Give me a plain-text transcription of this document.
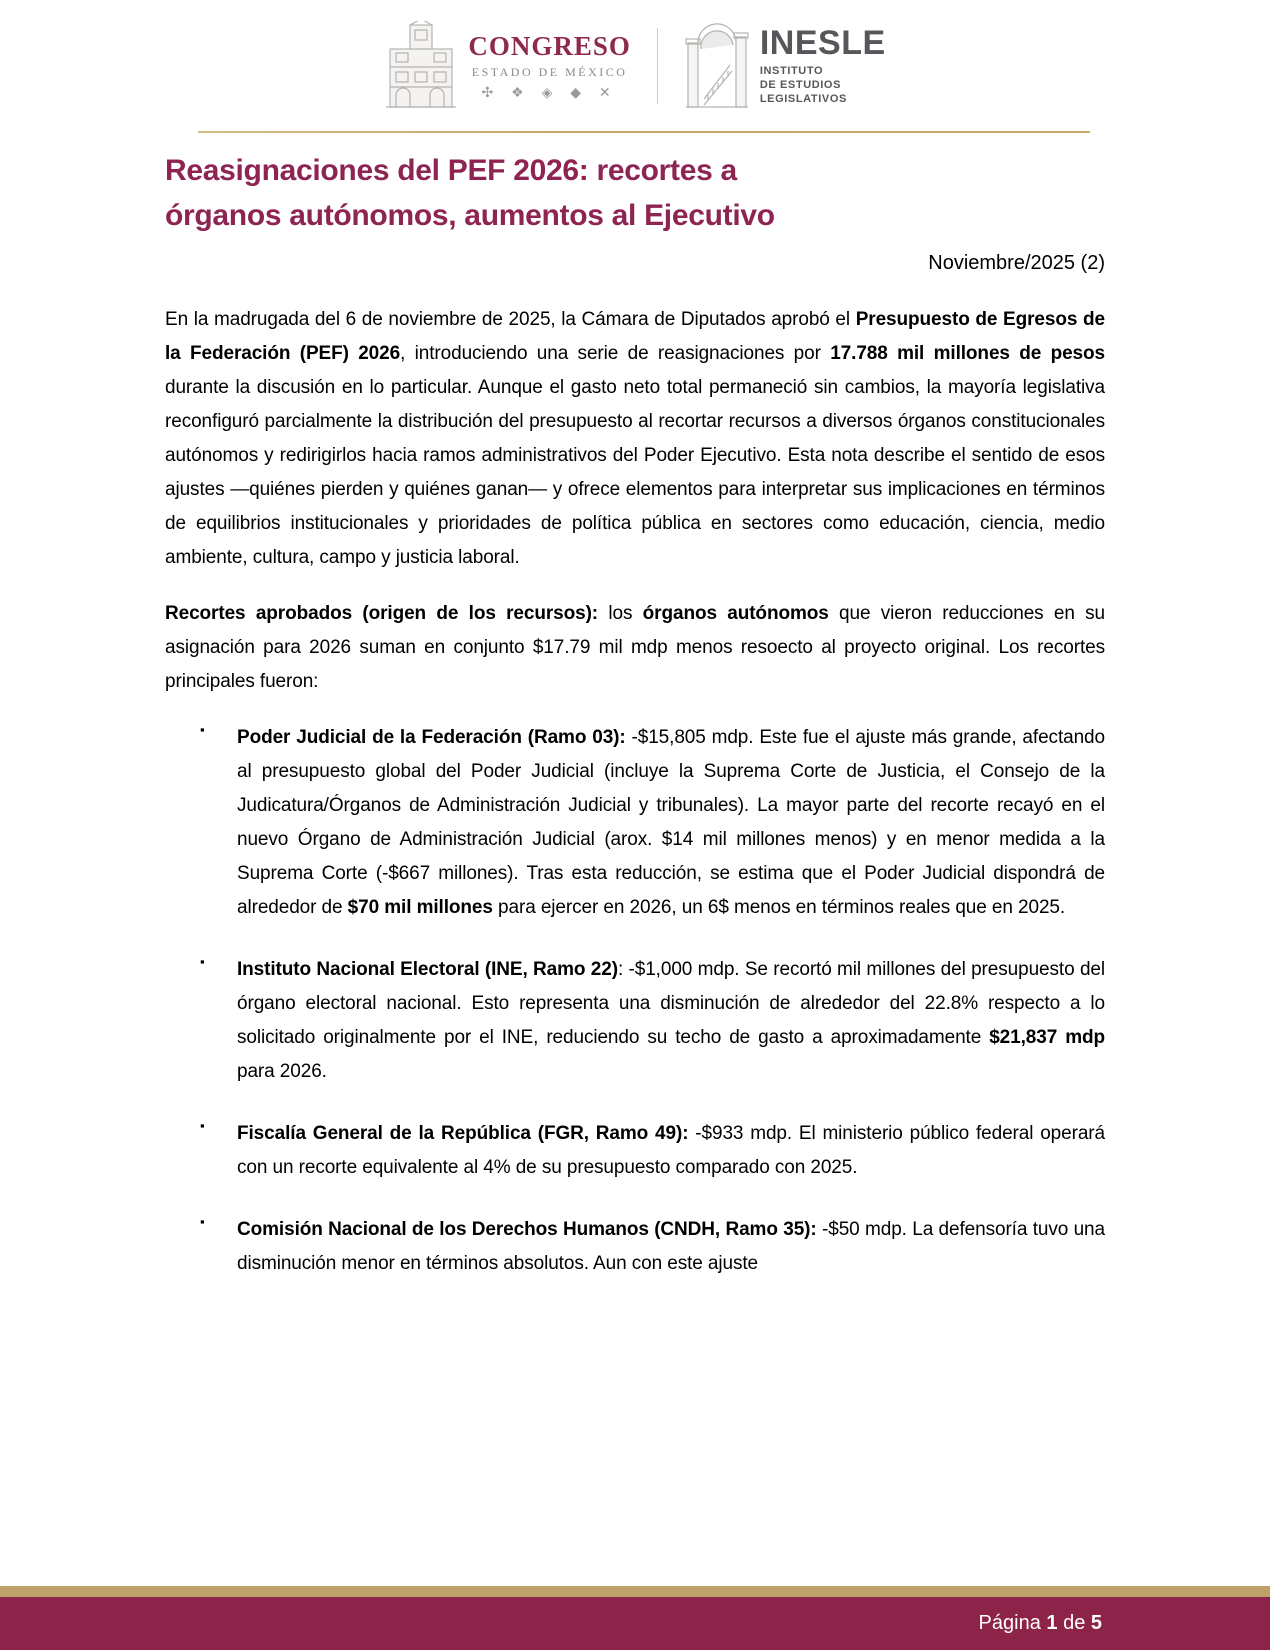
CONGRESO
ESTADO DE MÉXICO
✣ ❖ ◈ ◆ ✕
INESLE
INSTITUTO
DE ESTUDIOS
LEGISLATIVOS
Reasignaciones del PEF 2026: recortes a
órganos autónomos, aumentos al Ejecutivo
Noviembre/2025 (2)

En la madrugada del 6 de noviembre de 2025, la Cámara de Diputados aprobó el Presupuesto de Egresos de la Federación (PEF) 2026, introduciendo una serie de reasignaciones por 17.788 mil millones de pesos durante la discusión en lo particular. Aunque el gasto neto total permaneció sin cambios, la mayoría legislativa reconfiguró parcialmente la distribución del presupuesto al recortar recursos a diversos órganos constitucionales autónomos y redirigirlos hacia ramos administrativos del Poder Ejecutivo. Esta nota describe el sentido de esos ajustes —quiénes pierden y quiénes ganan— y ofrece elementos para interpretar sus implicaciones en términos de equilibrios institucionales y prioridades de política pública en sectores como educación, ciencia, medio ambiente, cultura, campo y justicia laboral.

Recortes aprobados (origen de los recursos): los órganos autónomos que vieron reducciones en su asignación para 2026 suman en conjunto $17.79 mil mdp menos resoecto al proyecto original. Los recortes principales fueron:

▪ Poder Judicial de la Federación (Ramo 03): -$15,805 mdp. Este fue el ajuste más grande, afectando al presupuesto global del Poder Judicial (incluye la Suprema Corte de Justicia, el Consejo de la Judicatura/Órganos de Administración Judicial y tribunales). La mayor parte del recorte recayó en el nuevo Órgano de Administración Judicial (arox. $14 mil millones menos) y en menor medida a la Suprema Corte (-$667 millones). Tras esta reducción, se estima que el Poder Judicial dispondrá de alrededor de $70 mil millones para ejercer en 2026, un 6$ menos en términos reales que en 2025.
▪ Instituto Nacional Electoral (INE, Ramo 22): -$1,000 mdp. Se recortó mil millones del presupuesto del órgano electoral nacional. Esto representa una disminución de alrededor del 22.8% respecto a lo solicitado originalmente por el INE, reduciendo su techo de gasto a aproximadamente $21,837 mdp para 2026.
▪ Fiscalía General de la República (FGR, Ramo 49): -$933 mdp. El ministerio público federal operará con un recorte equivalente al 4% de su presupuesto comparado con 2025.
▪ Comisión Nacional de los Derechos Humanos (CNDH, Ramo 35): -$50 mdp. La defensoría tuvo una disminución menor en términos absolutos. Aun con este ajuste
Página 1 de 5
